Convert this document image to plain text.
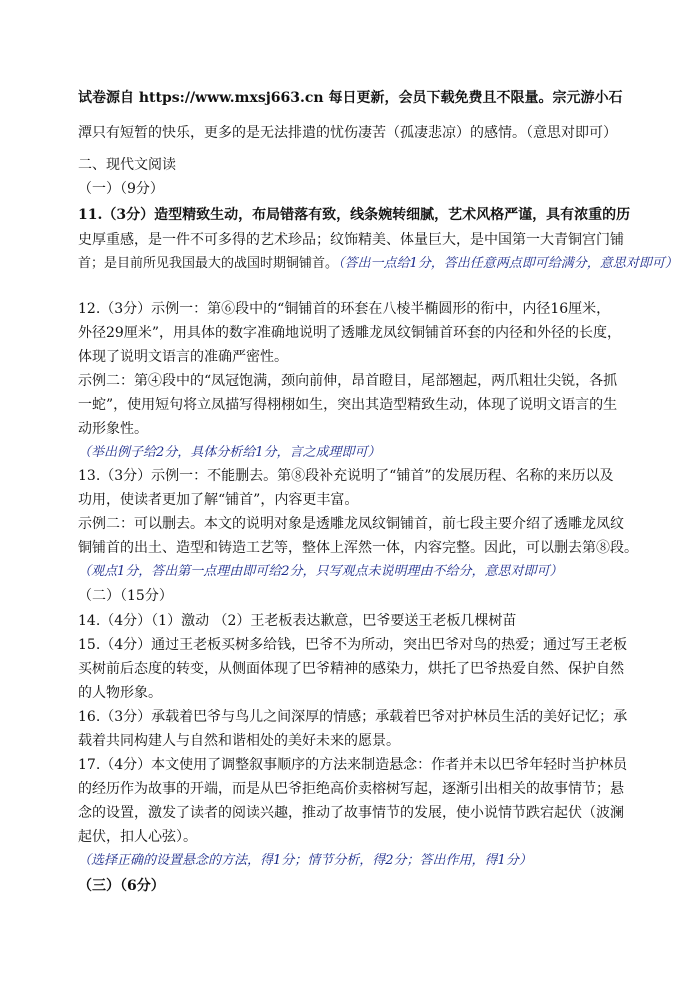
试卷源自 https://www.mxsj663.cn 每日更新，会员下载免费且不限量。宗元游小石
潭只有短暂的快乐，更多的是无法排遣的忧伤凄苦（孤凄悲凉）的感情。（意思对即可）
二、现代文阅读
（一）（9分）
11.（3分）造型精致生动，布局错落有致，线条婉转细腻，艺术风格严谨，具有浓重的历
史厚重感，是一件不可多得的艺术珍品；纹饰精美、体量巨大，是中国第一大青铜宫门铺
首；是目前所见我国最大的战国时期铜铺首。（答出一点给1分，答出任意两点即可给满分，意思对即可）
12.（3分）示例一：第⑥段中的“铜铺首的环套在八棱半椭圆形的衔中，内径16厘米，
外径29厘米”，用具体的数字准确地说明了透雕龙凤纹铜铺首环套的内径和外径的长度，
体现了说明文语言的准确严密性。
示例二：第④段中的“凤冠饱满，颈向前伸，昂首瞪目，尾部翘起，两爪粗壮尖锐，各抓
一蛇”，使用短句将立凤描写得栩栩如生，突出其造型精致生动，体现了说明文语言的生
动形象性。
（举出例子给2分，具体分析给1分，言之成理即可）
13.（3分）示例一：不能删去。第⑧段补充说明了“铺首”的发展历程、名称的来历以及
功用，使读者更加了解“铺首”，内容更丰富。
示例二：可以删去。本文的说明对象是透雕龙凤纹铜铺首，前七段主要介绍了透雕龙凤纹
铜铺首的出土、造型和铸造工艺等，整体上浑然一体，内容完整。因此，可以删去第⑧段。
（观点1分，答出第一点理由即可给2分，只写观点未说明理由不给分，意思对即可）
（二）（15分）
14.（4分）（1）激动 （2）王老板表达歉意，巴爷要送王老板几棵树苗
15.（4分）通过王老板买树多给钱，巴爷不为所动，突出巴爷对鸟的热爱；通过写王老板
买树前后态度的转变，从侧面体现了巴爷精神的感染力，烘托了巴爷热爱自然、保护自然
的人物形象。
16.（3分）承载着巴爷与鸟儿之间深厚的情感；承载着巴爷对护林员生活的美好记忆；承
载着共同构建人与自然和谐相处的美好未来的愿景。
17.（4分）本文使用了调整叙事顺序的方法来制造悬念：作者并未以巴爷年轻时当护林员
的经历作为故事的开端，而是从巴爷拒绝高价卖榕树写起，逐渐引出相关的故事情节；悬
念的设置，激发了读者的阅读兴趣，推动了故事情节的发展，使小说情节跌宕起伏（波澜
起伏，扣人心弦）。
（选择正确的设置悬念的方法，得1分；情节分析，得2分；答出作用，得1分）
（三）（6分）
